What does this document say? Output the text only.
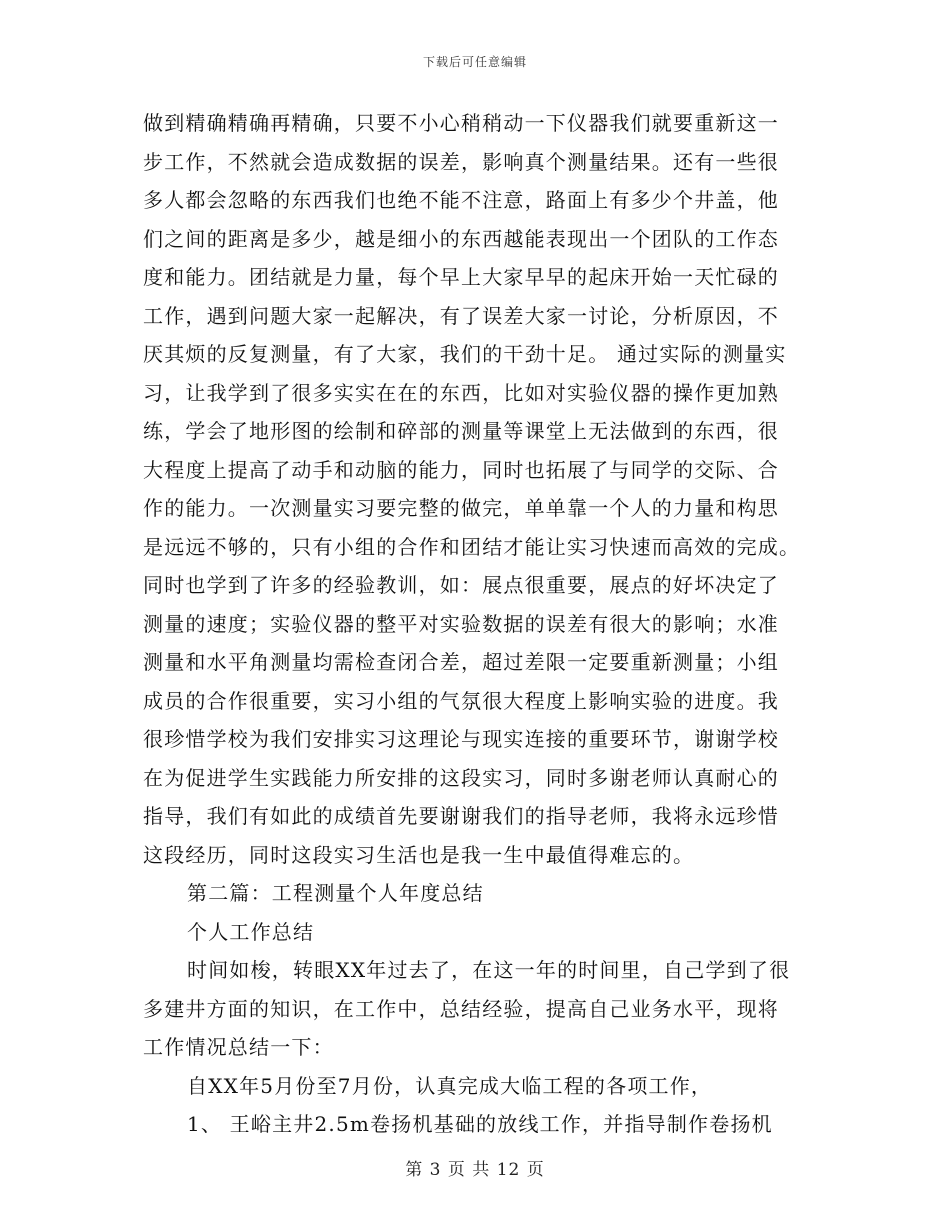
下载后可任意编辑
做到精确精确再精确，只要不小心稍稍动一下仪器我们就要重新这一
步工作，不然就会造成数据的误差，影响真个测量结果。还有一些很
多人都会忽略的东西我们也绝不能不注意，路面上有多少个井盖，他
们之间的距离是多少，越是细小的东西越能表现出一个团队的工作态
度和能力。团结就是力量，每个早上大家早早的起床开始一天忙碌的
工作，遇到问题大家一起解决，有了误差大家一讨论，分析原因，不
厌其烦的反复测量，有了大家，我们的干劲十足。 通过实际的测量实
习，让我学到了很多实实在在的东西，比如对实验仪器的操作更加熟
练，学会了地形图的绘制和碎部的测量等课堂上无法做到的东西，很
大程度上提高了动手和动脑的能力，同时也拓展了与同学的交际、合
作的能力。一次测量实习要完整的做完，单单靠一个人的力量和构思
是远远不够的，只有小组的合作和团结才能让实习快速而高效的完成。
同时也学到了许多的经验教训，如：展点很重要，展点的好坏决定了
测量的速度；实验仪器的整平对实验数据的误差有很大的影响；水准
测量和水平角测量均需检查闭合差，超过差限一定要重新测量；小组
成员的合作很重要，实习小组的气氛很大程度上影响实验的进度。我
很珍惜学校为我们安排实习这理论与现实连接的重要环节，谢谢学校
在为促进学生实践能力所安排的这段实习，同时多谢老师认真耐心的
指导，我们有如此的成绩首先要谢谢我们的指导老师，我将永远珍惜
这段经历，同时这段实习生活也是我一生中最值得难忘的。
第二篇：工程测量个人年度总结
个人工作总结
时间如梭，转眼XX年过去了，在这一年的时间里，自己学到了很
多建井方面的知识，在工作中，总结经验，提高自己业务水平，现将
工作情况总结一下：
自XX年5月份至7月份，认真完成大临工程的各项工作，
1、 王峪主井2.5m卷扬机基础的放线工作，并指导制作卷扬机
第 3 页 共 12 页
